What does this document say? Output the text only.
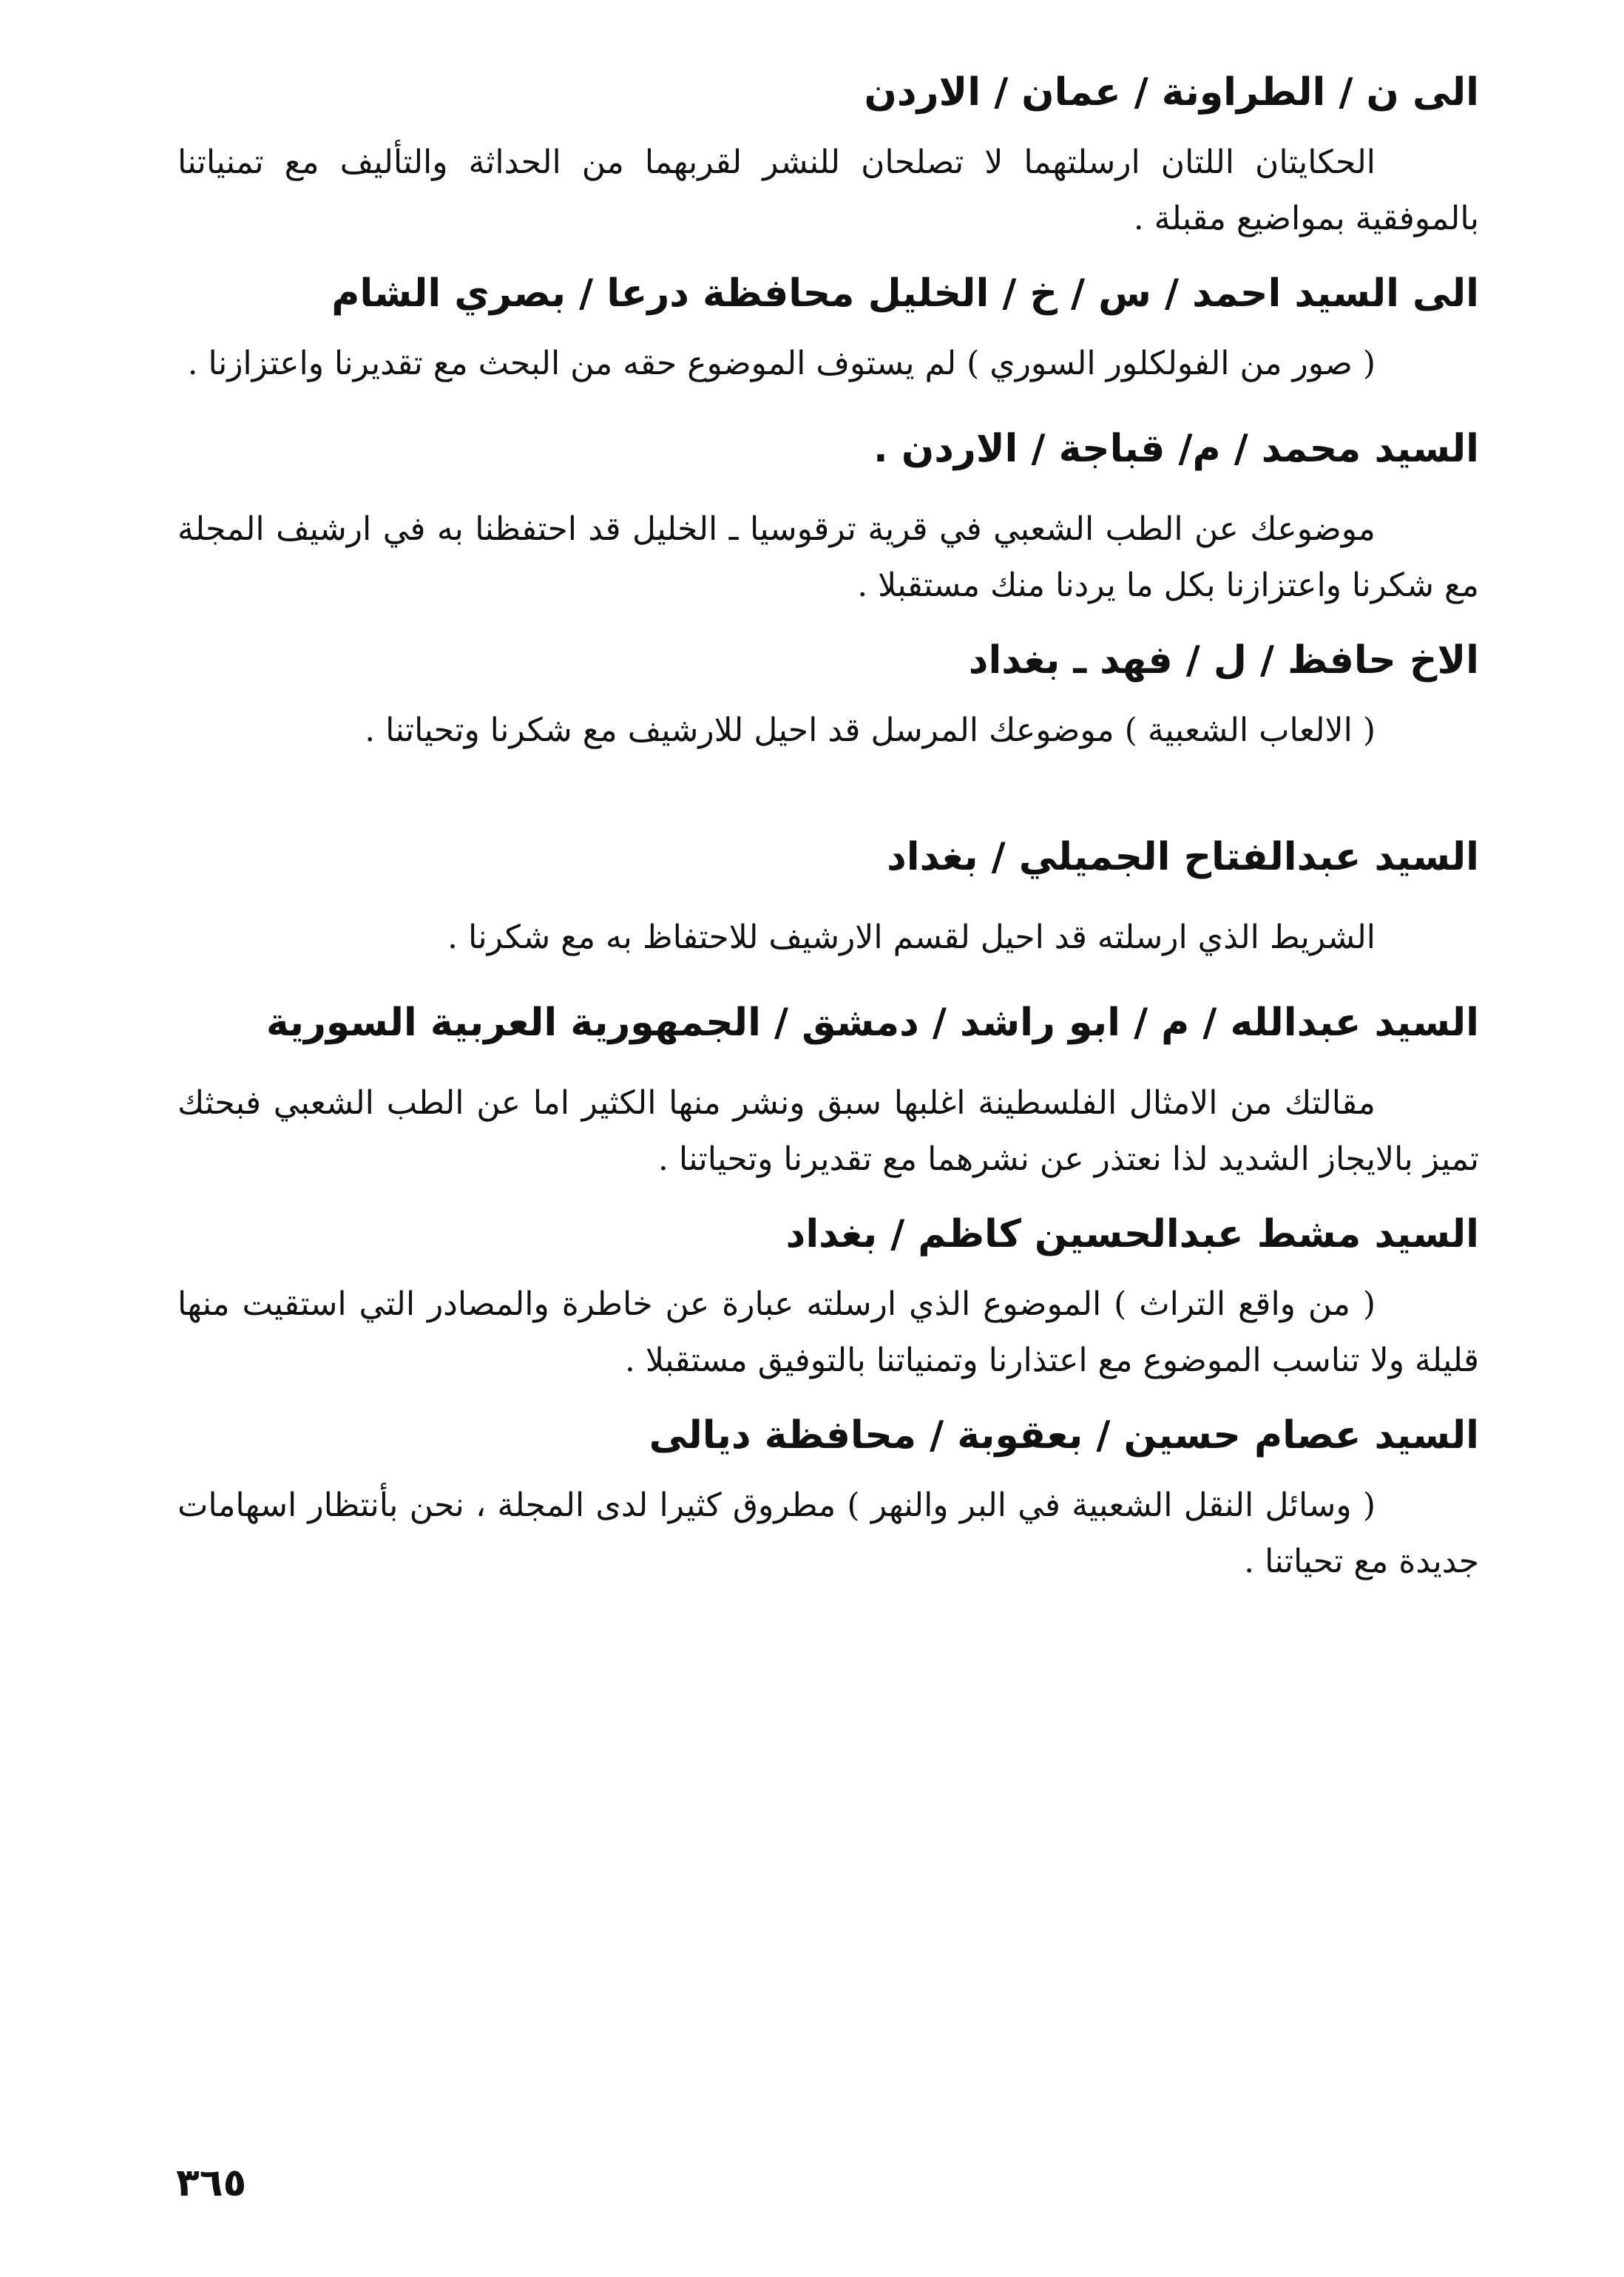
الى ن / الطراونة / عمان / الاردن

الحكايتان اللتان ارسلتهما لا تصلحان للنشر لقربهما من الحداثة والتأليف مع تمنياتنا بالموفقية بمواضيع مقبلة .

الى السيد احمد / س / خ / الخليل محافظة درعا / بصري الشام

( صور من الفولكلور السوري ) لم يستوف الموضوع حقه من البحث مع تقديرنا واعتزازنا .

السيد محمد / م/ قباجة / الاردن .

موضوعك عن الطب الشعبي في قرية ترقوسيا ـ الخليل قد احتفظنا به في ارشيف المجلة مع شكرنا واعتزازنا بكل ما يردنا منك مستقبلا .

الاخ حافظ / ل / فهد ـ بغداد

( الالعاب الشعبية ) موضوعك المرسل قد احيل للارشيف مع شكرنا وتحياتنا .

السيد عبدالفتاح الجميلي / بغداد

الشريط الذي ارسلته قد احيل لقسم الارشيف للاحتفاظ به مع شكرنا .

السيد عبدالله / م / ابو راشد / دمشق / الجمهورية العربية السورية

مقالتك من الامثال الفلسطينة اغلبها سبق ونشر منها الكثير اما عن الطب الشعبي فبحثك تميز بالايجاز الشديد لذا نعتذر عن نشرهما مع تقديرنا وتحياتنا .

السيد مشط عبدالحسين كاظم / بغداد

( من واقع التراث ) الموضوع الذي ارسلته عبارة عن خاطرة والمصادر التي استقيت منها قليلة ولا تناسب الموضوع مع اعتذارنا وتمنياتنا بالتوفيق مستقبلا .

السيد عصام حسين / بعقوبة / محافظة ديالى

( وسائل النقل الشعبية في البر والنهر ) مطروق كثيرا لدى المجلة ، نحن بأنتظار اسهامات جديدة مع تحياتنا .

٣٦٥
